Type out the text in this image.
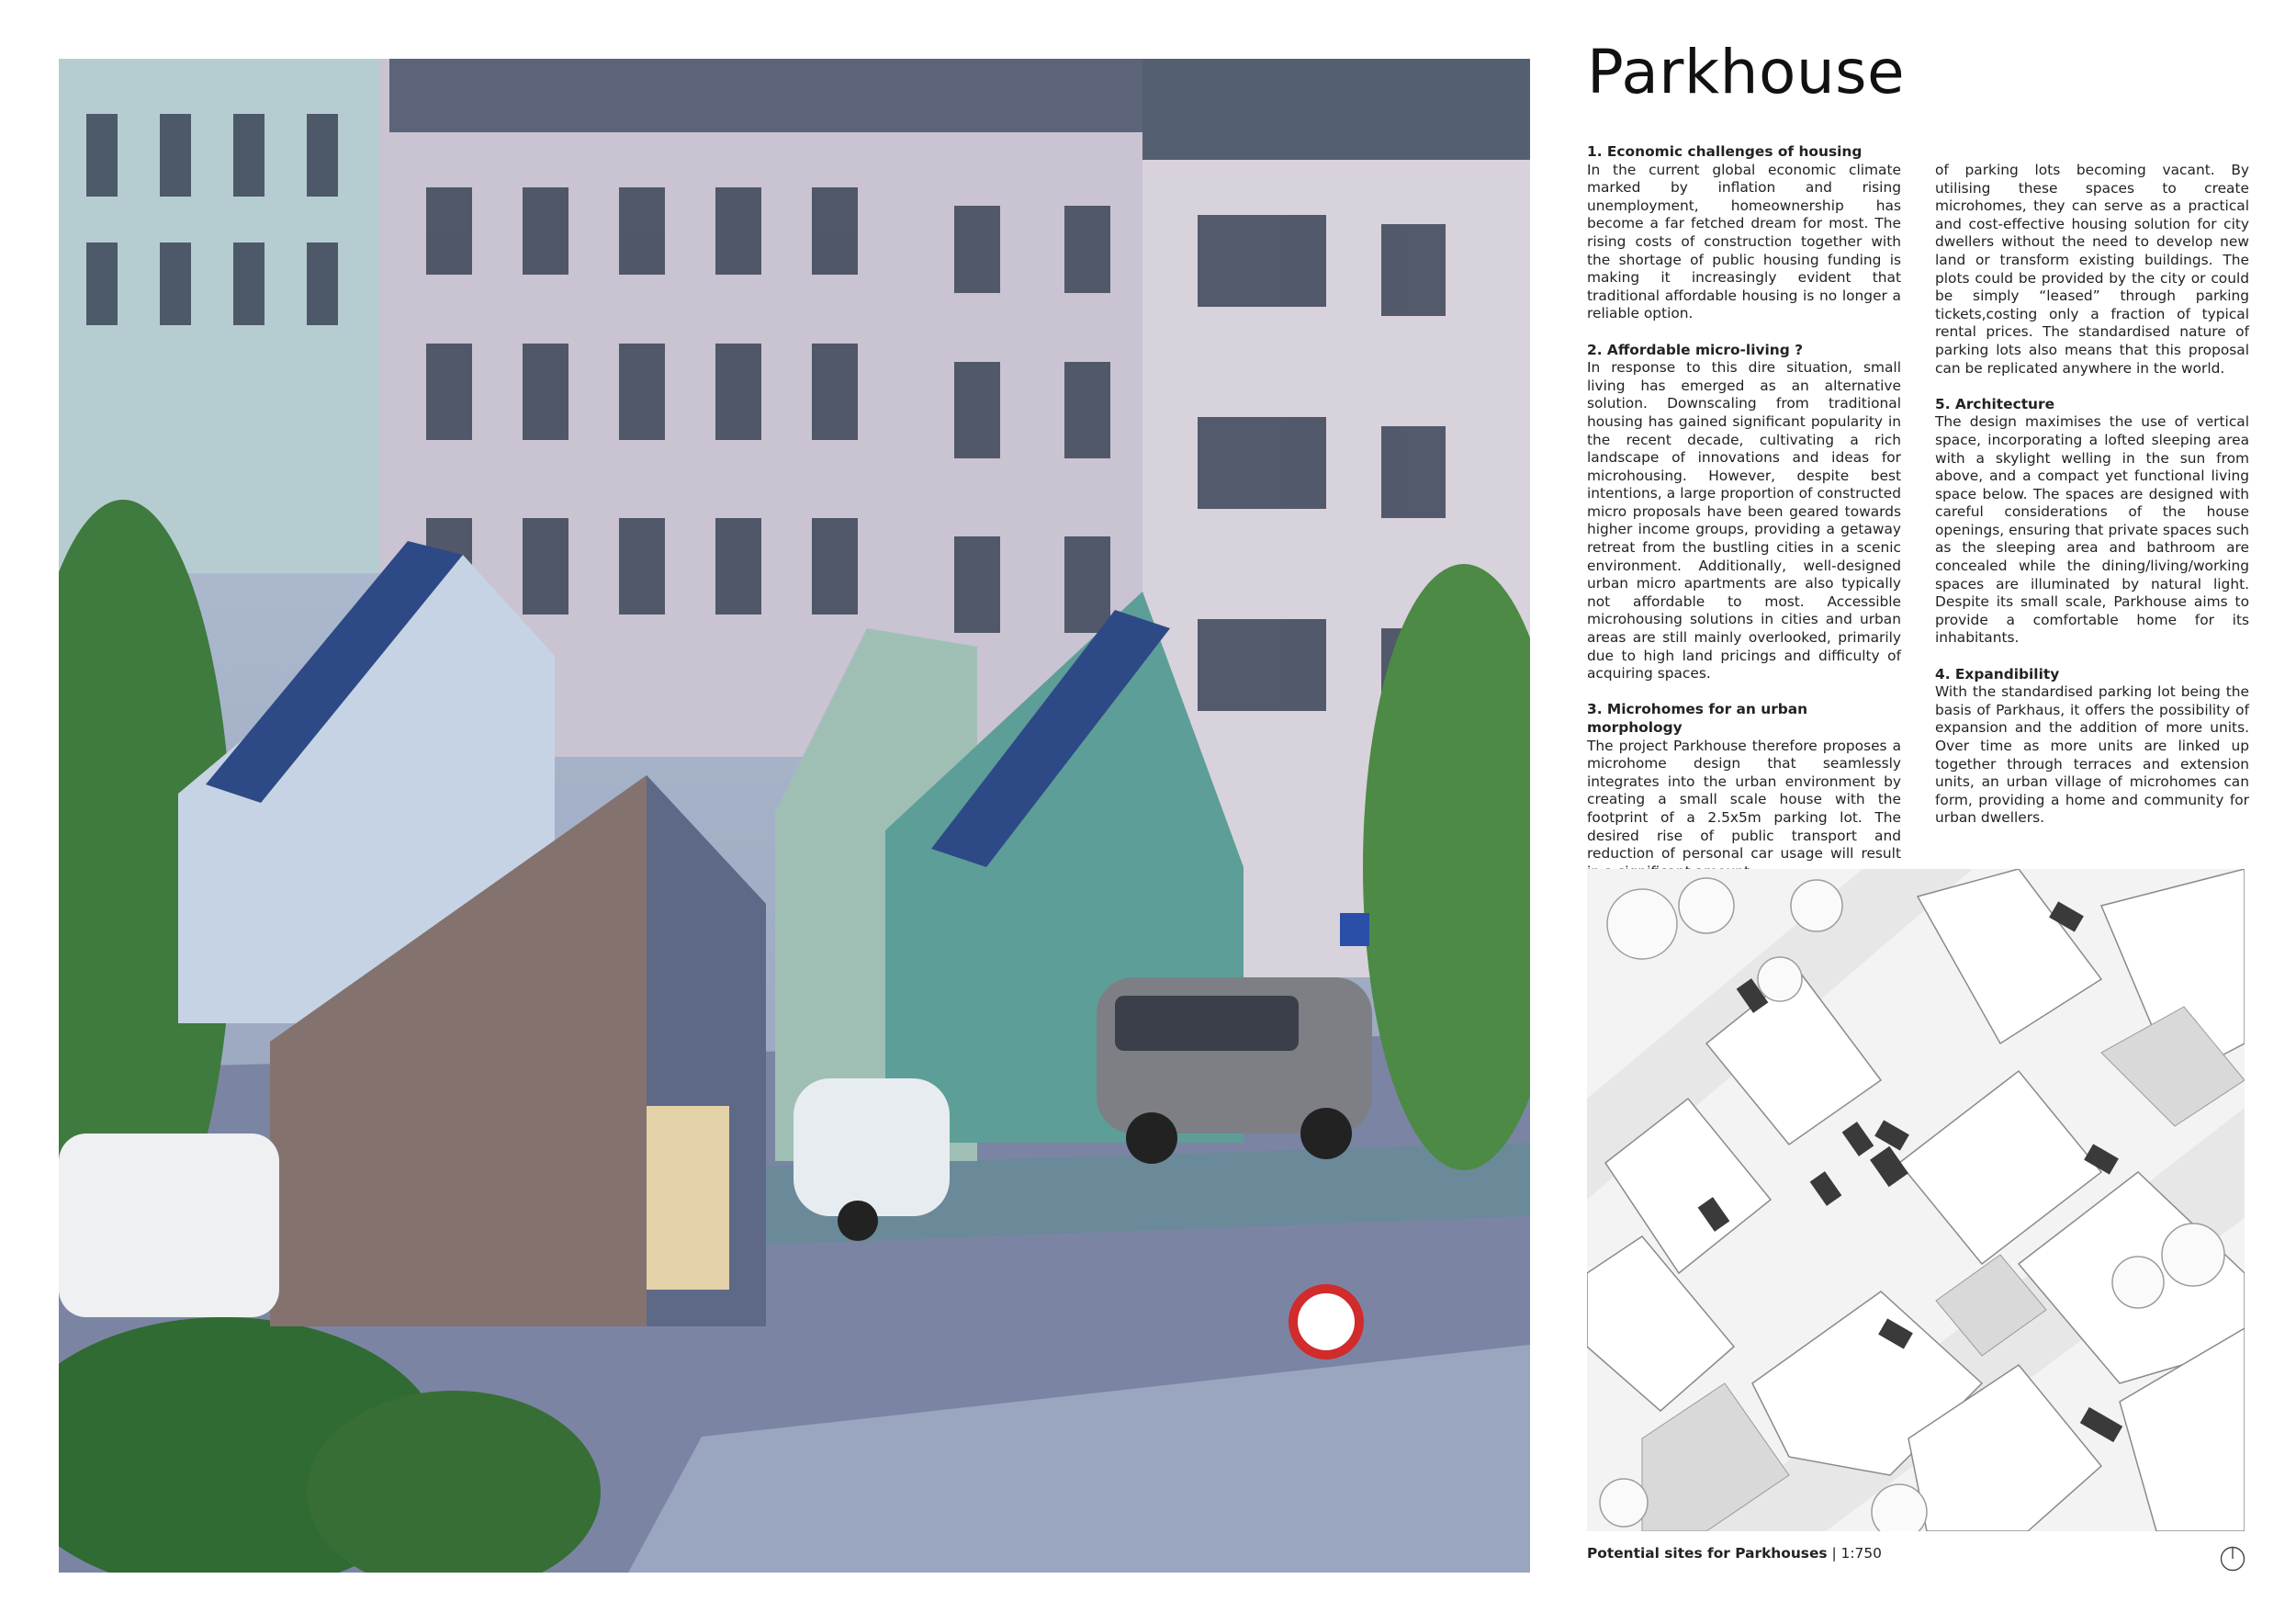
Parkhouse
1. Economic challenges of housing

In the current global economic climate marked by inflation and rising unemployment, homeownership has become a far fetched dream for most. The rising costs of construction together with the shortage of public housing funding is making it increasingly evident that traditional affordable housing is no longer a reliable option.

2. Affordable micro-living ?

In response to this dire situation, small living has emerged as an alternative solution. Downscaling from traditional housing has gained significant popularity in the recent decade, cultivating a rich landscape of innovations and ideas for microhousing. However, despite best intentions, a large proportion of constructed micro proposals have been geared towards higher income groups, providing a getaway retreat from the bustling cities in a scenic environment. Additionally, well-designed urban micro apartments are also typically not affordable to most. Accessible microhousing solutions in cities and urban areas are still mainly overlooked, primarily due to high land pricings and difficulty of acquiring spaces.

3. Microhomes for an urban morphology

The project Parkhouse therefore proposes a microhome design that seamlessly integrates into the urban environment by creating a small scale house with the footprint of a 2.5x5m parking lot. The desired rise of public transport and reduction of personal car usage will result

of parking lots becoming vacant. By utilising these spaces to create microhomes, they can serve as a practical and cost-effective housing solution for city dwellers without the need to develop new land or transform existing buildings. The plots could be provided by the city or could be simply “leased” through parking tickets,costing only a fraction of typical rental prices. The standardised nature of parking lots also means that this proposal can be replicated anywhere in the world.

5. Architecture

The design maximises the use of vertical space, incorporating a lofted sleeping area with a skylight welling in the sun from above, and a compact yet functional living space below. The spaces are designed with careful considerations of the house openings, ensuring that private spaces such as the sleeping area and bathroom are concealed while the dining/living/working spaces are illuminated by natural light. Despite its small scale, Parkhouse aims to provide a comfortable home for its inhabitants.

4. Expandibility

With the standardised parking lot being the basis of Parkhaus, it offers the possibility of expansion and the addition of more units. Over time as more units are linked up together through terraces and extension units, an urban village of microhomes can form, providing a home and community for urban dwellers.

Potential sites for Parkhouses | 1:750
